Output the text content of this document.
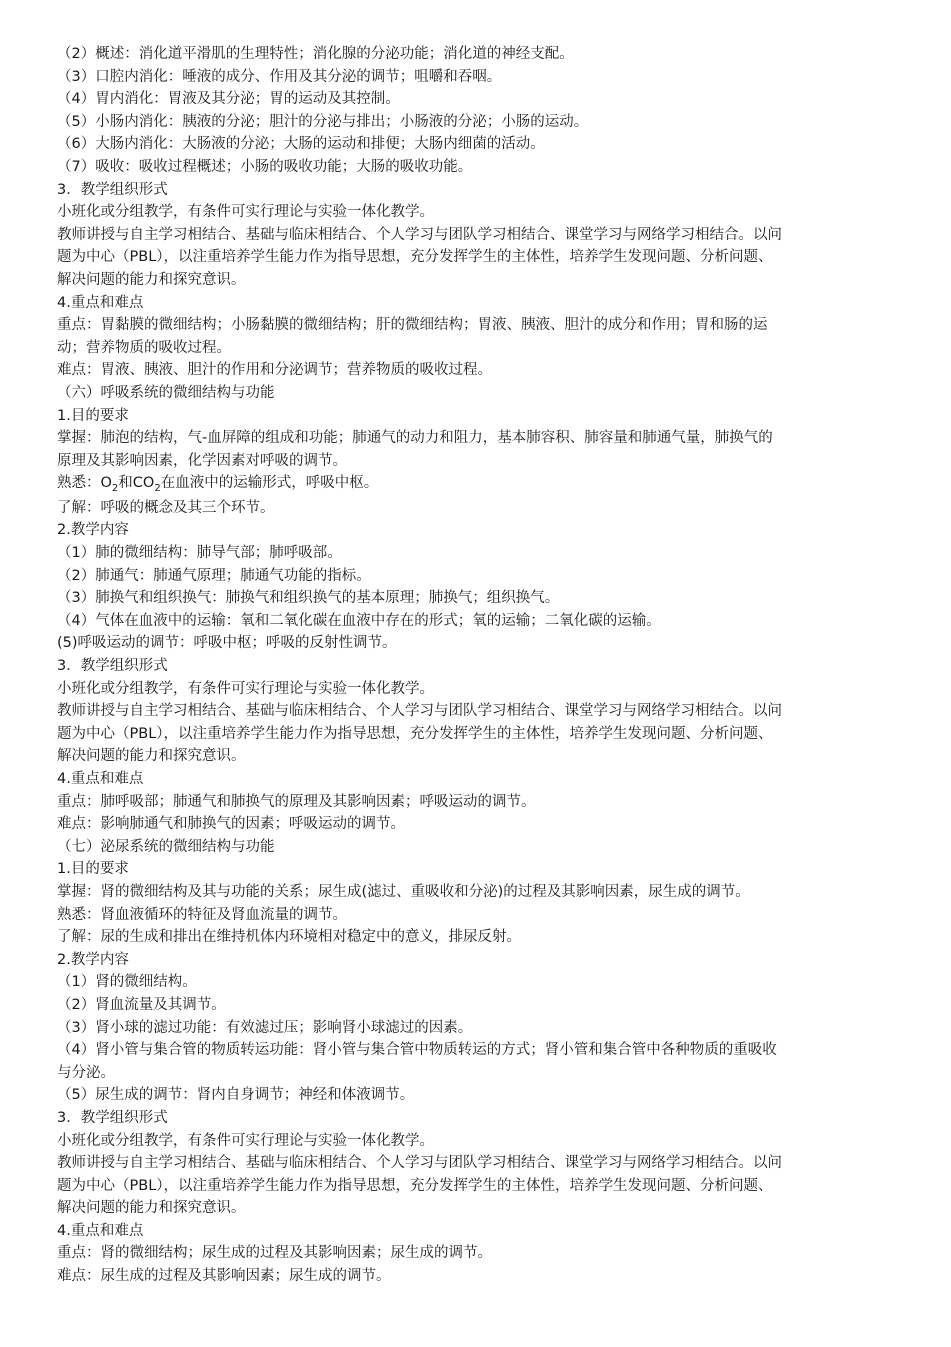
（2）概述：消化道平滑肌的生理特性；消化腺的分泌功能；消化道的神经支配。

（3）口腔内消化：唾液的成分、作用及其分泌的调节；咀嚼和吞咽。

（4）胃内消化：胃液及其分泌；胃的运动及其控制。

（5）小肠内消化：胰液的分泌；胆汁的分泌与排出；小肠液的分泌；小肠的运动。

（6）大肠内消化：大肠液的分泌；大肠的运动和排便；大肠内细菌的活动。

（7）吸收：吸收过程概述；小肠的吸收功能；大肠的吸收功能。

3．教学组织形式

小班化或分组教学，有条件可实行理论与实验一体化教学。

教师讲授与自主学习相结合、基础与临床相结合、个人学习与团队学习相结合、课堂学习与网络学习相结合。以问

题为中心（PBL），以注重培养学生能力作为指导思想，充分发挥学生的主体性，培养学生发现问题、分析问题、

解决问题的能力和探究意识。

4.重点和难点

重点：胃黏膜的微细结构；小肠黏膜的微细结构；肝的微细结构；胃液、胰液、胆汁的成分和作用；胃和肠的运

动；营养物质的吸收过程。

难点：胃液、胰液、胆汁的作用和分泌调节；营养物质的吸收过程。

（六）呼吸系统的微细结构与功能

1.目的要求

掌握：肺泡的结构，气-血屏障的组成和功能；肺通气的动力和阻力，基本肺容积、肺容量和肺通气量，肺换气的

原理及其影响因素，化学因素对呼吸的调节。

熟悉：$O_2$和$CO_2$在血液中的运输形式，呼吸中枢。

了解：呼吸的概念及其三个环节。

2.教学内容

（1）肺的微细结构：肺导气部；肺呼吸部。

（2）肺通气：肺通气原理；肺通气功能的指标。

（3）肺换气和组织换气：肺换气和组织换气的基本原理；肺换气；组织换气。

（4）气体在血液中的运输：氧和二氧化碳在血液中存在的形式；氧的运输；二氧化碳的运输。

(5)呼吸运动的调节：呼吸中枢；呼吸的反射性调节。

3．教学组织形式

小班化或分组教学，有条件可实行理论与实验一体化教学。

教师讲授与自主学习相结合、基础与临床相结合、个人学习与团队学习相结合、课堂学习与网络学习相结合。以问

题为中心（PBL），以注重培养学生能力作为指导思想，充分发挥学生的主体性，培养学生发现问题、分析问题、

解决问题的能力和探究意识。

4.重点和难点

重点：肺呼吸部；肺通气和肺换气的原理及其影响因素；呼吸运动的调节。

难点：影响肺通气和肺换气的因素；呼吸运动的调节。

（七）泌尿系统的微细结构与功能

1.目的要求

掌握：肾的微细结构及其与功能的关系；尿生成(滤过、重吸收和分泌)的过程及其影响因素，尿生成的调节。

熟悉：肾血液循环的特征及肾血流量的调节。

了解：尿的生成和排出在维持机体内环境相对稳定中的意义，排尿反射。

2.教学内容

（1）肾的微细结构。

（2）肾血流量及其调节。

（3）肾小球的滤过功能：有效滤过压；影响肾小球滤过的因素。

（4）肾小管与集合管的物质转运功能：肾小管与集合管中物质转运的方式；肾小管和集合管中各种物质的重吸收

与分泌。

（5）尿生成的调节：肾内自身调节；神经和体液调节。

3．教学组织形式

小班化或分组教学，有条件可实行理论与实验一体化教学。

教师讲授与自主学习相结合、基础与临床相结合、个人学习与团队学习相结合、课堂学习与网络学习相结合。以问

题为中心（PBL），以注重培养学生能力作为指导思想，充分发挥学生的主体性，培养学生发现问题、分析问题、

解决问题的能力和探究意识。

4.重点和难点

重点：肾的微细结构；尿生成的过程及其影响因素；尿生成的调节。

难点：尿生成的过程及其影响因素；尿生成的调节。
